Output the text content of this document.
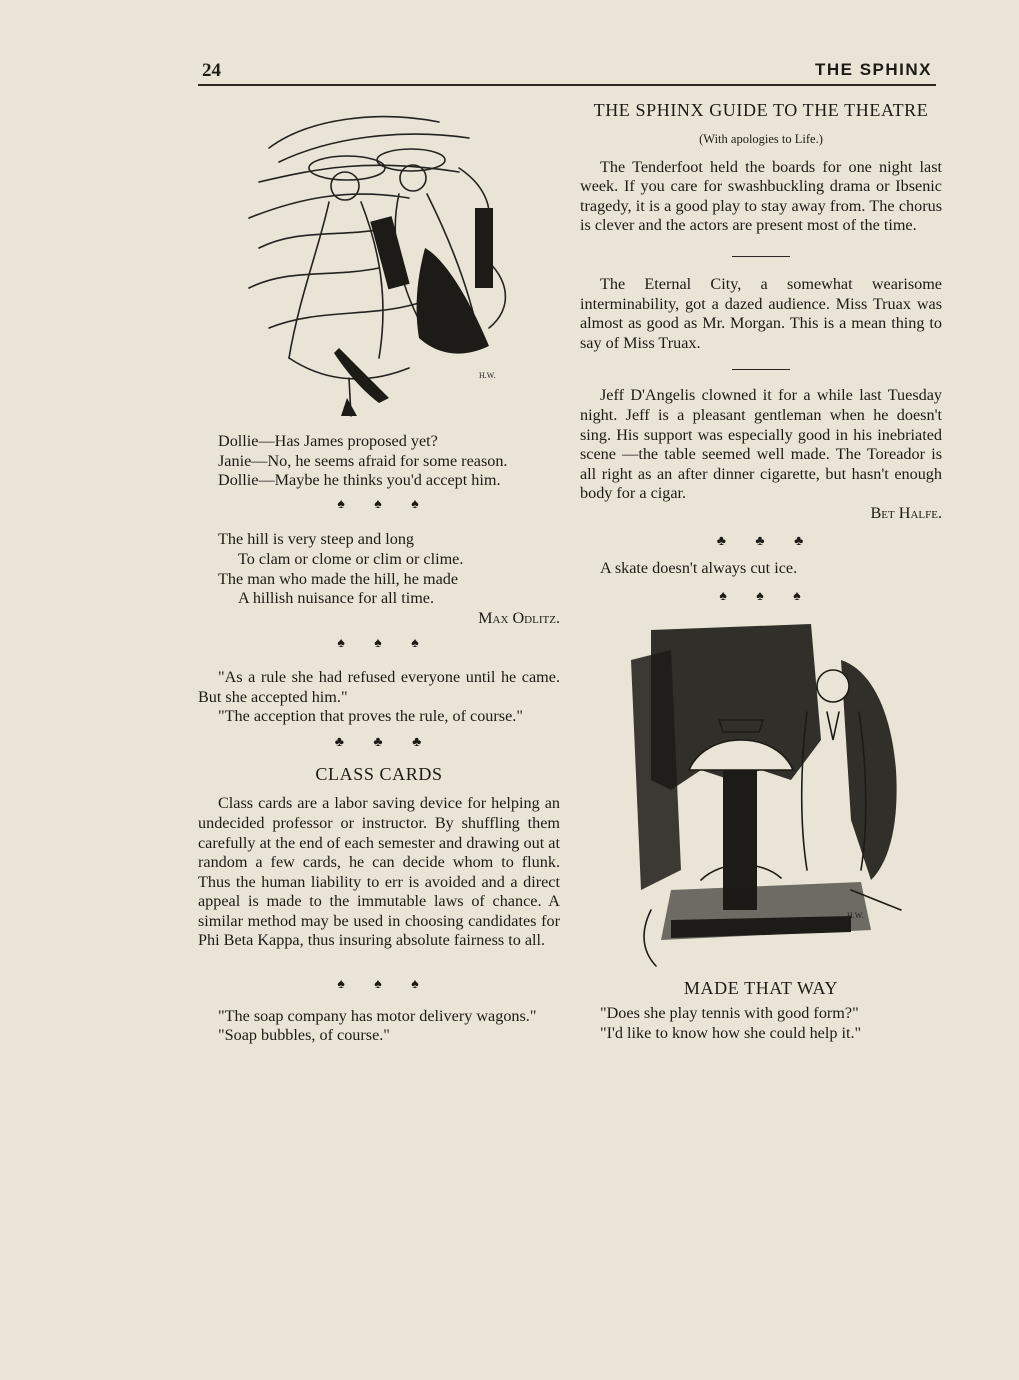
24	THE SPHINX
H.W.

Dollie—Has James proposed yet?

Janie—No, he seems afraid for some reason.

Dollie—Maybe he thinks you'd accept him.

♠ ♠ ♠

The hill is very steep and long

To clam or clome or clim or clime.

The man who made the hill, he made

A hillish nuisance for all time.

Max Odlitz.

♠ ♠ ♠

"As a rule she had refused everyone until he came. But she accepted him."

"The acception that proves the rule, of course."

♣ ♣ ♣

CLASS CARDS

Class cards are a labor saving device for helping an undecided professor or instructor. By shuffling them carefully at the end of each semester and drawing out at random a few cards, he can decide whom to flunk. Thus the human liability to err is avoided and a direct appeal is made to the immutable laws of chance. A similar method may be used in choosing candidates for Phi Beta Kappa, thus insuring absolute fairness to all.

♠ ♠ ♠

"The soap company has motor delivery wagons."

"Soap bubbles, of course."

THE SPHINX GUIDE TO THE THEATRE

(With apologies to Life.)

The Tenderfoot held the boards for one night last week. If you care for swashbuckling drama or Ibsenic tragedy, it is a good play to stay away from. The chorus is clever and the actors are present most of the time.

The Eternal City, a somewhat wearisome interminability, got a dazed audience. Miss Truax was almost as good as Mr. Morgan. This is a mean thing to say of Miss Truax.

Jeff D'Angelis clowned it for a while last Tuesday night. Jeff is a pleasant gentleman when he doesn't sing. His support was especially good in his inebriated scene —the table seemed well made. The Toreador is all right as an after dinner cigarette, but hasn't enough body for a cigar.

Bet Halfe.

♣ ♣ ♣

A skate doesn't always cut ice.

♠ ♠ ♠

H.W.

MADE THAT WAY

"Does she play tennis with good form?"

"I'd like to know how she could help it."
